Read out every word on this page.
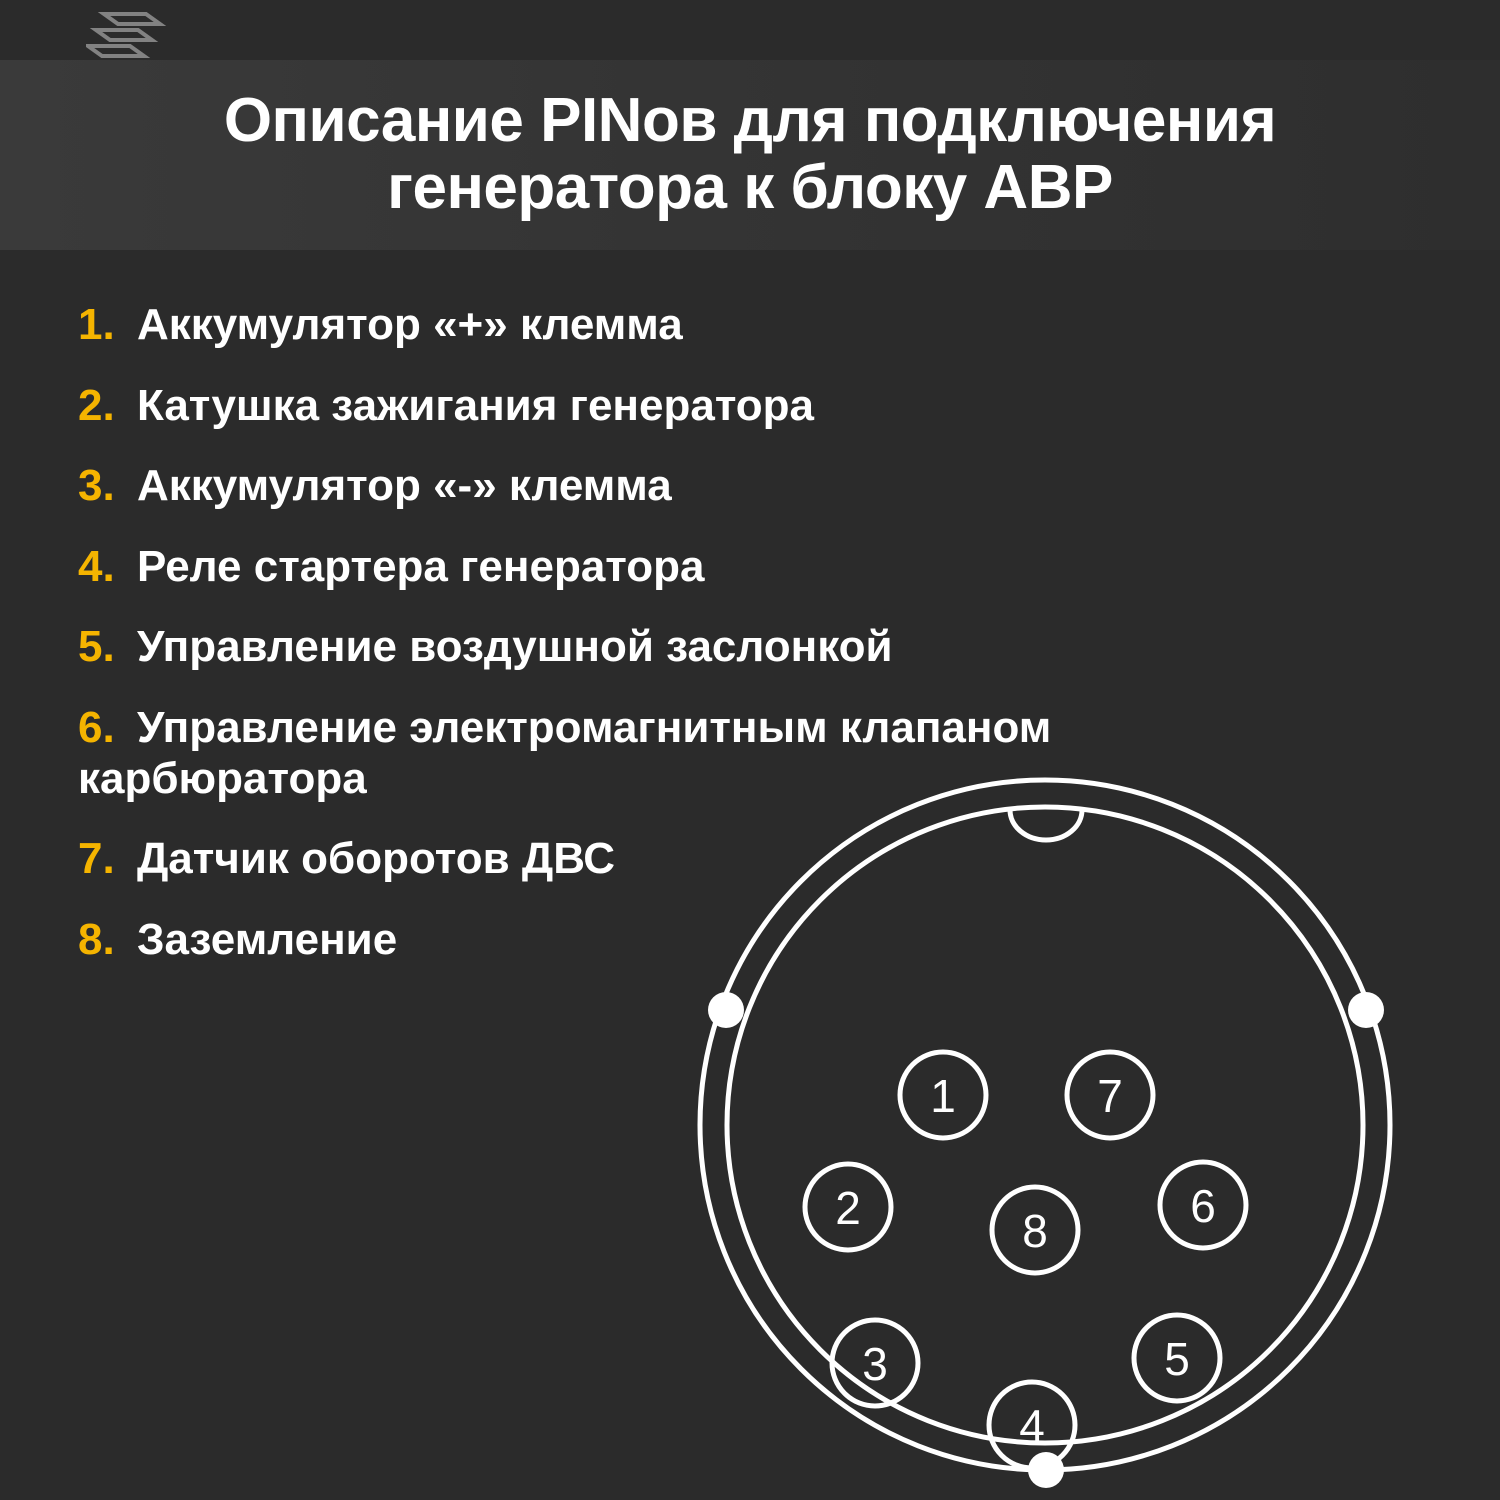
Описание PINов для подключения генератора к блоку АВР
1. Аккумулятор «+» клемма
2. Катушка зажигания генератора
3. Аккумулятор «-» клемма
4. Реле стартера генератора
5. Управление воздушной заслонкой
6. Управление электромагнитным клапаном карбюратора
7. Датчик оборотов ДВС
8. Заземление
1
2
3
4
5
6
7
8
